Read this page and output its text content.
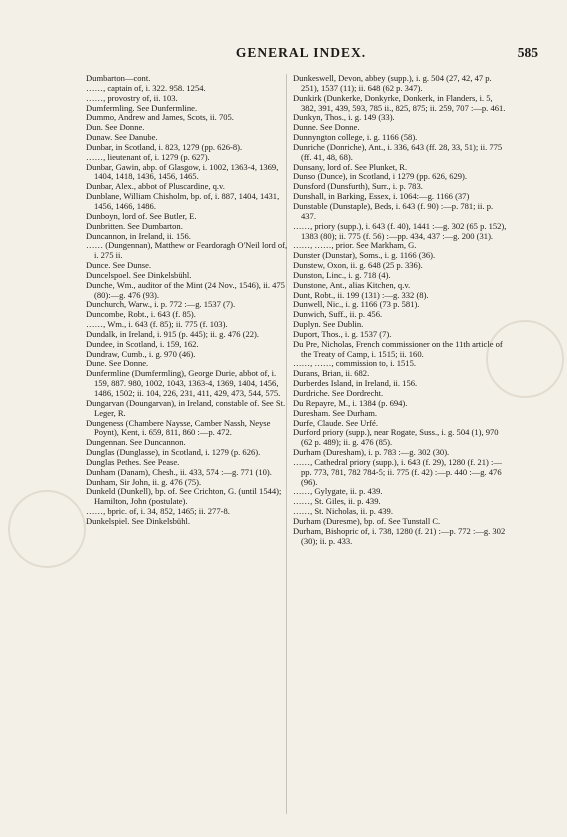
GENERAL INDEX.	585

Dumbarton—cont.

……, captain of, i. 322. 958. 1254.

……, provostry of, ii. 103.

Dumfermling. See Dunfermline.

Dummo, Andrew and James, Scots, ii. 705.

Dun. See Donne.

Dunaw. See Danube.

Dunbar, in Scotland, i. 823, 1279 (pp. 626-8).

……, lieutenant of, i. 1279 (p. 627).

Dunbar, Gawin, abp. of Glasgow, i. 1002, 1363-4, 1369, 1404, 1418, 1436, 1456, 1465.

Dunbar, Alex., abbot of Pluscardine, q.v.

Dunblane, William Chisholm, bp. of, i. 887, 1404, 1431, 1456, 1466, 1486.

Dunboyn, lord of. See Butler, E.

Dunbritten. See Dumbarton.

Duncannon, in Ireland, ii. 156.

…… (Dungennan), Matthew or Feardoragh O'Neil lord of, i. 275 ii.

Dunce. See Dunse.

Duncelspoel. See Dinkelsbühl.

Dunche, Wm., auditor of the Mint (24 Nov., 1546), ii. 475 (80):—g. 476 (93).

Dunchurch, Warw., i. p. 772 :—g. 1537 (7).

Duncombe, Robt., i. 643 (f. 85).

……, Wm., i. 643 (f. 85); ii. 775 (f. 103).

Dundalk, in Ireland, i. 915 (p. 445); ii. g. 476 (22).

Dundee, in Scotland, i. 159, 162.

Dundraw, Cumb., i. g. 970 (46).

Dune. See Donne.

Dunfermline (Dumfermling), George Durie, abbot of, i. 159, 887. 980, 1002, 1043, 1363-4, 1369, 1404, 1456, 1486, 1502; ii. 104, 226, 231, 411, 429, 473, 544, 575.

Dungarvan (Doungarvan), in Ireland, constable of. See St. Leger, R.

Dungeness (Chambere Naysse, Camber Nassh, Neyse Poynt), Kent, i. 659, 811, 860 :—p. 472.

Dungennan. See Duncannon.

Dunglas (Dunglasse), in Scotland, i. 1279 (p. 626).

Dunglas Pethes. See Pease.

Dunham (Danam), Chesh., ii. 433, 574 :—g. 771 (10).

Dunham, Sir John, ii. g. 476 (75).

Dunkeld (Dunkell), bp. of. See Crichton, G. (until 1544); Hamilton, John (postulate).

……, bpric. of, i. 34, 852, 1465; ii. 277-8.

Dunkelspiel. See Dinkelsbühl.

Dunkeswell, Devon, abbey (supp.), i. g. 504 (27, 42, 47 p. 251), 1537 (11); ii. 648 (62 p. 347).

Dunkirk (Dunkerke, Donkyrke, Donkerk, in Flanders, i. 5, 382, 391, 439, 593, 785 ii., 825, 875; ii. 259, 707 :—p. 461.

Dunkyn, Thos., i. g. 149 (33).

Dunne. See Donne.

Dunnyngton college, i. g. 1166 (58).

Dunriche (Donriche), Ant., i. 336, 643 (ff. 28, 33, 51); ii. 775 (ff. 41, 48, 68).

Dunsany, lord of. See Plunket, R.

Dunso (Dunce), in Scotland, i 1279 (pp. 626, 629).

Dunsford (Dunsfurth), Surr., i. p. 783.

Dunshall, in Barking, Essex, i. 1064:—g. 1166 (37)

Dunstable (Dunstaple), Beds, i. 643 (f. 90) :—p. 781; ii. p. 437.

……, priory (supp.), i. 643 (f. 40), 1441 :—g. 302 (65 p. 152), 1383 (80); ii. 775 (f. 56) :—pp. 434, 437 :—g. 200 (31).

……, ……, prior. See Markham, G.

Dunster (Dunstar), Soms., i. g. 1166 (36).

Dunstew, Oxon, ii. g. 648 (25 p. 336).

Dunston, Linc., i. g. 718 (4).

Dunstone, Ant., alias Kitchen, q.v.

Dunt, Robt., ii. 199 (131) :—g. 332 (8).

Dunwell, Nic., i. g. 1166 (73 p. 581).

Dunwich, Suff., ii. p. 456.

Duplyn. See Dublin.

Duport, Thos., i. g. 1537 (7).

Du Pre, Nicholas, French commissioner on the 11th article of the Treaty of Camp, i. 1515; ii. 160.

……, ……, commission to, i. 1515.

Durans, Brian, ii. 682.

Durberdes Island, in Ireland, ii. 156.

Durdriche. See Dordrecht.

Du Repayre, M., i. 1384 (p. 694).

Duresham. See Durham.

Durfe, Claude. See Urfé.

Durford priory (supp.), near Rogate, Suss., i. g. 504 (1), 970 (62 p. 489); ii. g. 476 (85).

Durham (Duresham), i. p. 783 :—g. 302 (30).

……, Cathedral priory (supp.), i. 643 (f. 29), 1280 (f. 21) :—pp. 773, 781, 782 784-5; ii. 775 (f. 42) :—p. 440 :—g. 476 (96).

……, Gylygate, ii. p. 439.

……, St. Giles, ii. p. 439.

……, St. Nicholas, ii. p. 439.

Durham (Duresme), bp. of. See Tunstall C.

Durham, Bishopric of, i. 738, 1280 (f. 21) :—p. 772 :—g. 302 (30); ii. p. 433.
